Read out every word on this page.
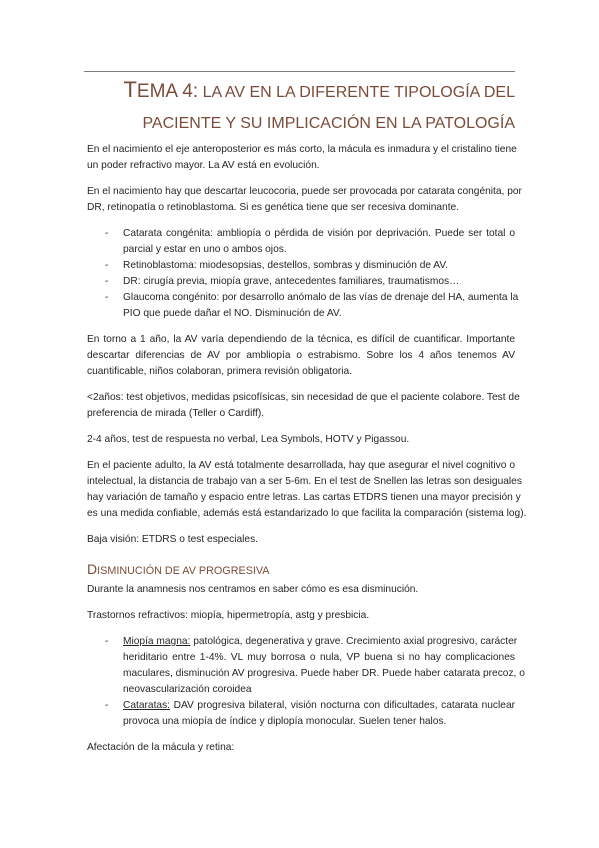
TEMA 4: LA AV EN LA DIFERENTE TIPOLOGÍA DEL
PACIENTE Y SU IMPLICACIÓN EN LA PATOLOGÍA
En el nacimiento el eje anteroposterior es más corto, la mácula es inmadura y el cristalino tiene
un poder refractivo mayor. La AV está en evolución.
En el nacimiento hay que descartar leucocoria, puede ser provocada por catarata congénita, por
DR, retinopatía o retinoblastoma. Si es genética tiene que ser recesiva dominante.
- Catarata congénita: ambliopía o pérdida de visión por deprivación. Puede ser total o
parcial y estar en uno o ambos ojos.
- Retinoblastoma: miodesopsias, destellos, sombras y disminución de AV.
- DR: cirugía previa, miopía grave, antecedentes familiares, traumatismos…
- Glaucoma congénito: por desarrollo anómalo de las vías de drenaje del HA, aumenta la
PIO que puede dañar el NO. Disminución de AV.
En torno a 1 año, la AV varía dependiendo de la técnica, es difícil de cuantificar. Importante
descartar diferencias de AV por ambliopía o estrabismo. Sobre los 4 años tenemos AV
cuantificable, niños colaboran, primera revisión obligatoria.
<2años: test objetivos, medidas psicofísicas, sin necesidad de que el paciente colabore. Test de
preferencia de mirada (Teller o Cardiff).
2-4 años, test de respuesta no verbal, Lea Symbols, HOTV y Pigassou.
En el paciente adulto, la AV está totalmente desarrollada, hay que asegurar el nivel cognitivo o
intelectual, la distancia de trabajo van a ser 5-6m. En el test de Snellen las letras son desiguales
hay variación de tamaño y espacio entre letras. Las cartas ETDRS tienen una mayor precisión y
es una medida confiable, además está estandarizado lo que facilita la comparación (sistema log).
Baja visión: ETDRS o test especiales.
DISMINUCIÓN DE AV PROGRESIVA
Durante la anamnesis nos centramos en saber cómo es esa disminución.
Trastornos refractivos: miopía, hipermetropía, astg y presbicia.
- Miopía magna: patológica, degenerativa y grave. Crecimiento axial progresivo, carácter
heriditario entre 1-4%. VL muy borrosa o nula, VP buena si no hay complicaciones
maculares, disminución AV progresiva. Puede haber DR. Puede haber catarata precoz, o
neovascularización coroidea
- Cataratas: DAV progresiva bilateral, visión nocturna con dificultades, catarata nuclear
provoca una miopía de índice y diplopía monocular. Suelen tener halos.
Afectación de la mácula y retina:
